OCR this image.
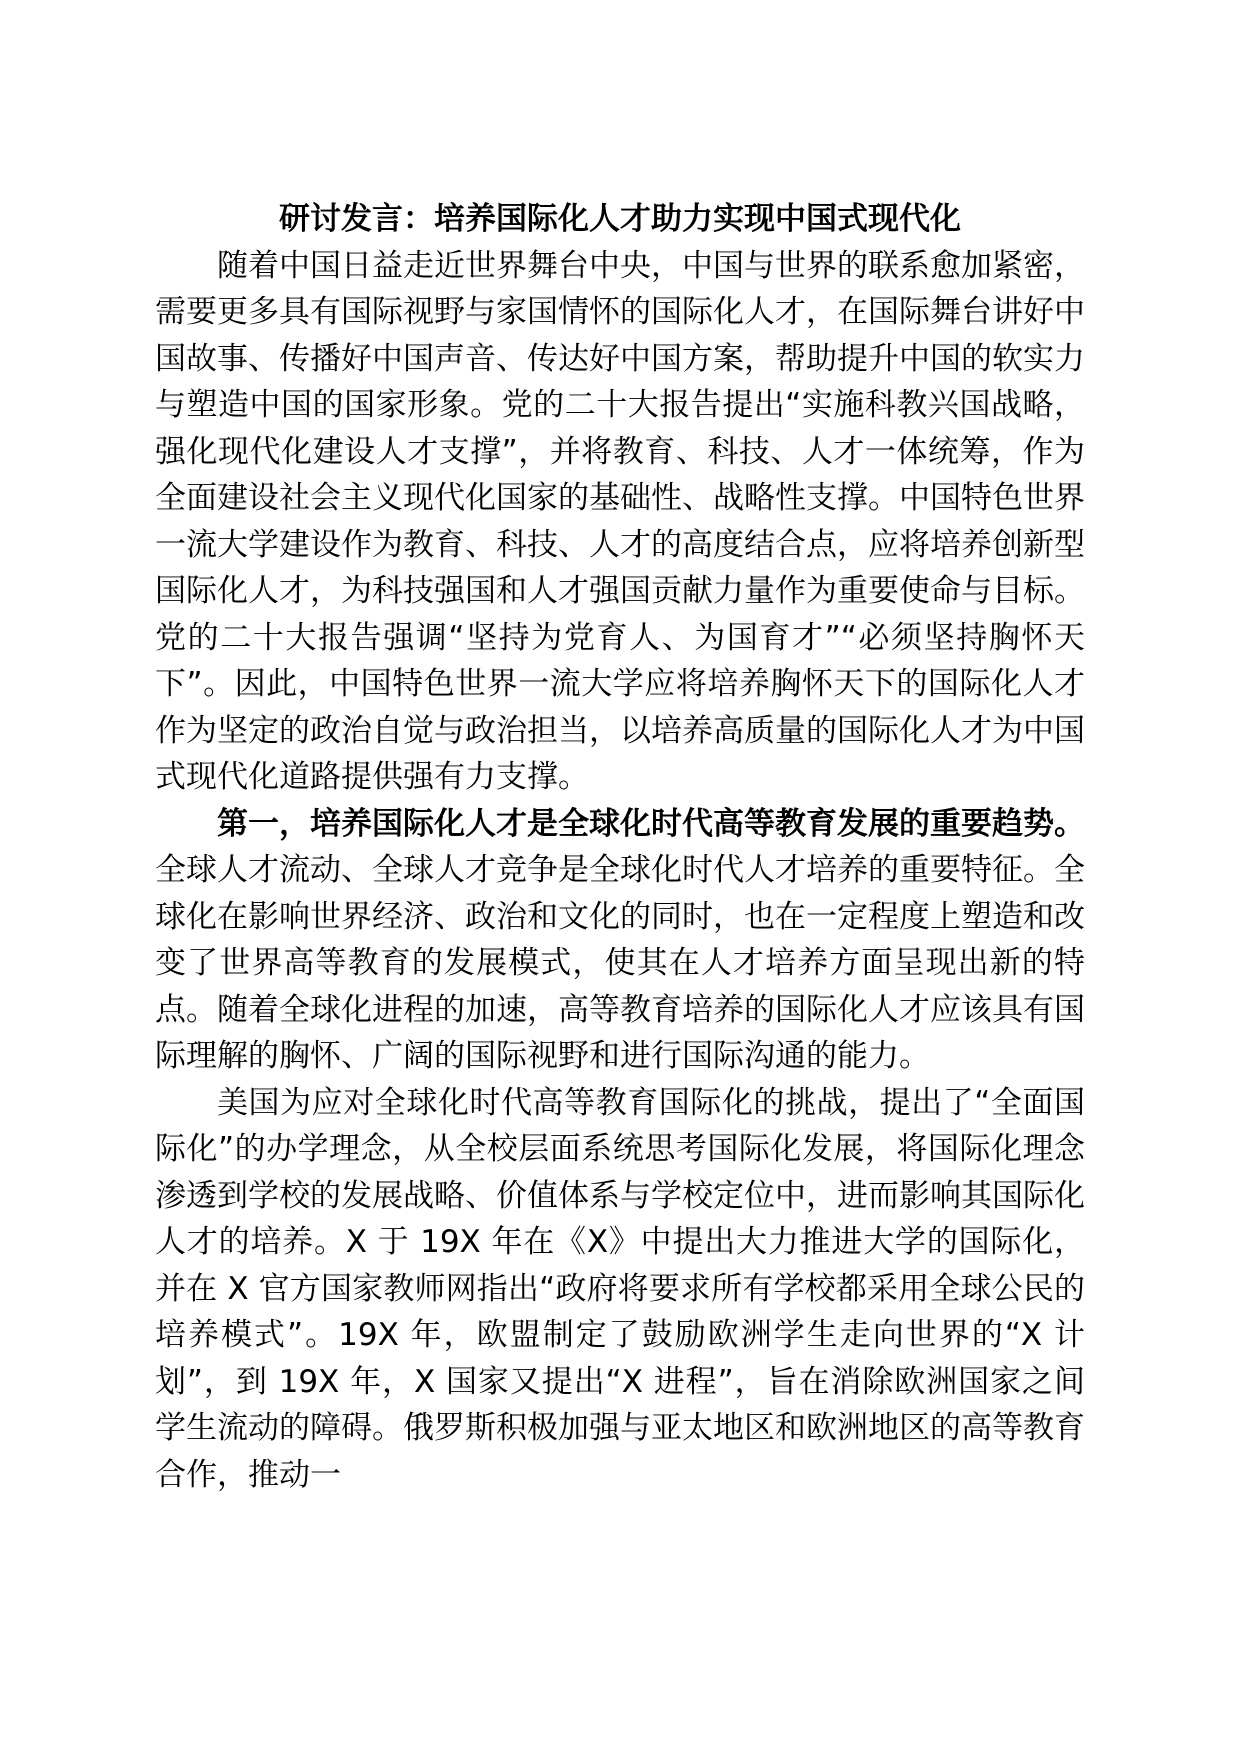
研讨发言：培养国际化人才助力实现中国式现代化

随着中国日益走近世界舞台中央，中国与世界的联系愈加紧密，需要更多具有国际视野与家国情怀的国际化人才，在国际舞台讲好中国故事、传播好中国声音、传达好中国方案，帮助提升中国的软实力与塑造中国的国家形象。党的二十大报告提出“实施科教兴国战略，强化现代化建设人才支撑”，并将教育、科技、人才一体统筹，作为全面建设社会主义现代化国家的基础性、战略性支撑。中国特色世界一流大学建设作为教育、科技、人才的高度结合点，应将培养创新型国际化人才，为科技强国和人才强国贡献力量作为重要使命与目标。党的二十大报告强调“坚持为党育人、为国育才”“必须坚持胸怀天下”。因此，中国特色世界一流大学应将培养胸怀天下的国际化人才作为坚定的政治自觉与政治担当，以培养高质量的国际化人才为中国式现代化道路提供强有力支撑。

第一，培养国际化人才是全球化时代高等教育发展的重要趋势。全球人才流动、全球人才竞争是全球化时代人才培养的重要特征。全球化在影响世界经济、政治和文化的同时，也在一定程度上塑造和改变了世界高等教育的发展模式，使其在人才培养方面呈现出新的特点。随着全球化进程的加速，高等教育培养的国际化人才应该具有国际理解的胸怀、广阔的国际视野和进行国际沟通的能力。

美国为应对全球化时代高等教育国际化的挑战，提出了“全面国际化”的办学理念，从全校层面系统思考国际化发展，将国际化理念渗透到学校的发展战略、价值体系与学校定位中，进而影响其国际化人才的培养。X 于 19X 年在《X》中提出大力推进大学的国际化，并在 X 官方国家教师网指出“政府将要求所有学校都采用全球公民的培养模式”。19X 年，欧盟制定了鼓励欧洲学生走向世界的“X 计划”，到 19X 年，X 国家又提出“X 进程”，旨在消除欧洲国家之间学生流动的障碍。俄罗斯积极加强与亚太地区和欧洲地区的高等教育合作，推动一
